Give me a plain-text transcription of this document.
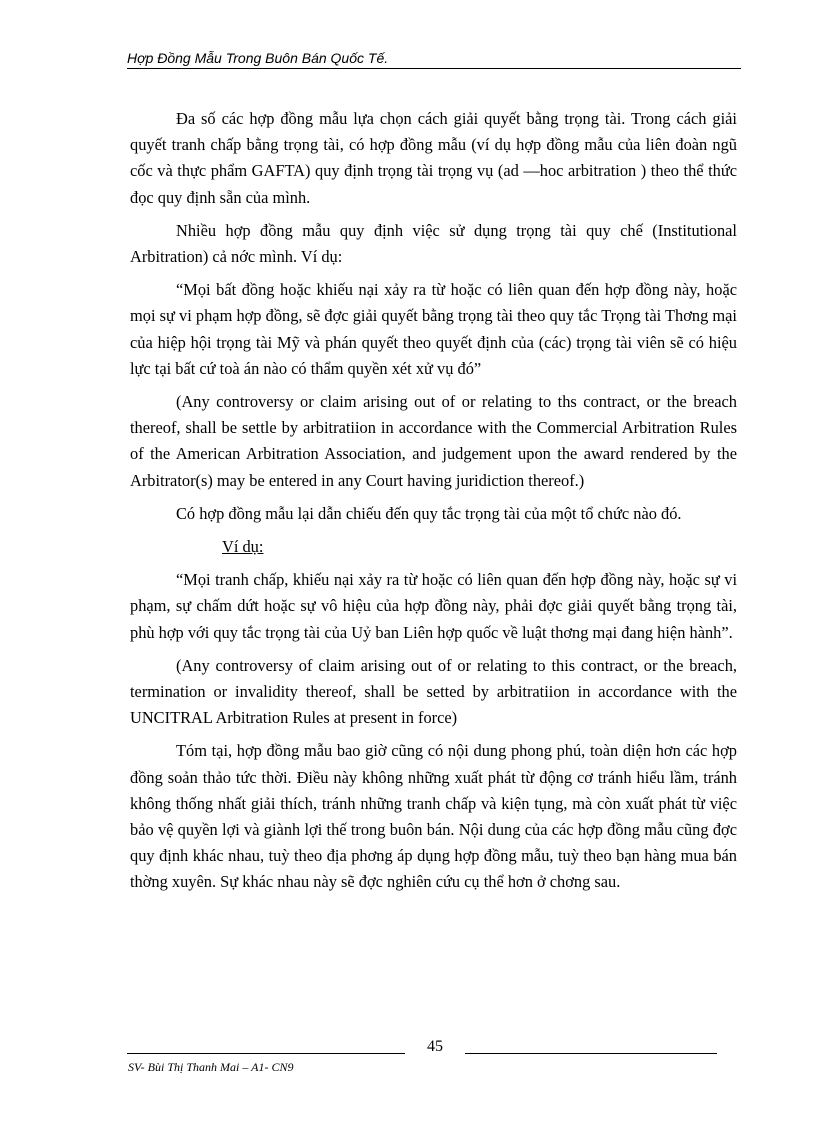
Hợp Đồng Mẫu Trong Buôn Bán Quốc Tế.

Đa số các hợp đồng mẫu lựa chọn cách giải quyết bằng trọng tài. Trong cách giải quyết tranh chấp bằng trọng tài, có hợp đồng mẫu (ví dụ hợp đồng mẫu của liên đoàn ngũ cốc và thực phẩm GAFTA) quy định trọng tài trọng vụ (ad —hoc arbitration ) theo thể thức đọc quy định sẵn của mình.

Nhiều hợp đồng mẫu quy định việc sử dụng trọng tài quy chế (Institutional Arbitration) cả nớc mình. Ví dụ:

“Mọi bất đồng hoặc khiếu nại xảy ra từ hoặc có liên quan đến hợp đồng này, hoặc mọi sự vi phạm hợp đồng, sẽ đợc giải quyết bằng trọng tài theo quy tắc Trọng tài Thơng mại của hiệp hội trọng tài Mỹ và phán quyết theo quyết định của (các) trọng tài viên sẽ có hiệu lực tại bất cứ toà án nào có thẩm quyền xét xử vụ đó”

(Any controversy or claim arising out of or relating to ths contract, or the breach thereof, shall be settle by arbitratiion in accordance with the Commercial Arbitration Rules of the American Arbitration Association, and judgement upon the award rendered by the Arbitrator(s) may be entered in any Court having juridiction thereof.)

Có hợp đồng mẫu lại dẫn chiếu đến quy tắc trọng tài của một tổ chức nào đó.

Ví dụ:

“Mọi tranh chấp, khiếu nại xảy ra từ hoặc có liên quan đến hợp đồng này, hoặc sự vi phạm, sự chấm dứt hoặc sự vô hiệu của hợp đồng này, phải đợc giải quyết bằng trọng tài, phù hợp với quy tắc trọng tài của Uỷ ban Liên hợp quốc về luật thơng mại đang hiện hành”.

(Any controversy of claim arising out of or relating to this contract, or the breach, termination or invalidity thereof, shall be setted by arbitratiion in accordance with the UNCITRAL Arbitration Rules at present in force)

Tóm tại, hợp đồng mẫu bao giờ cũng có nội dung phong phú, toàn diện hơn các hợp đồng soản thảo tức thời. Điều này không những xuất phát từ động cơ tránh hiểu lầm, tránh không thống nhất giải thích, tránh những tranh chấp và kiện tụng, mà còn xuất phát từ việc bảo vệ quyền lợi và giành lợi thế trong buôn bán. Nội dung của các hợp đồng mẫu cũng đợc quy định khác nhau, tuỳ theo địa phơng áp dụng hợp đồng mẫu, tuỳ theo bạn hàng mua bán thờng xuyên. Sự khác nhau này sẽ đợc nghiên cứu cụ thể hơn ở chơng sau.

45
SV- Bùi Thị Thanh Mai – A1- CN9
